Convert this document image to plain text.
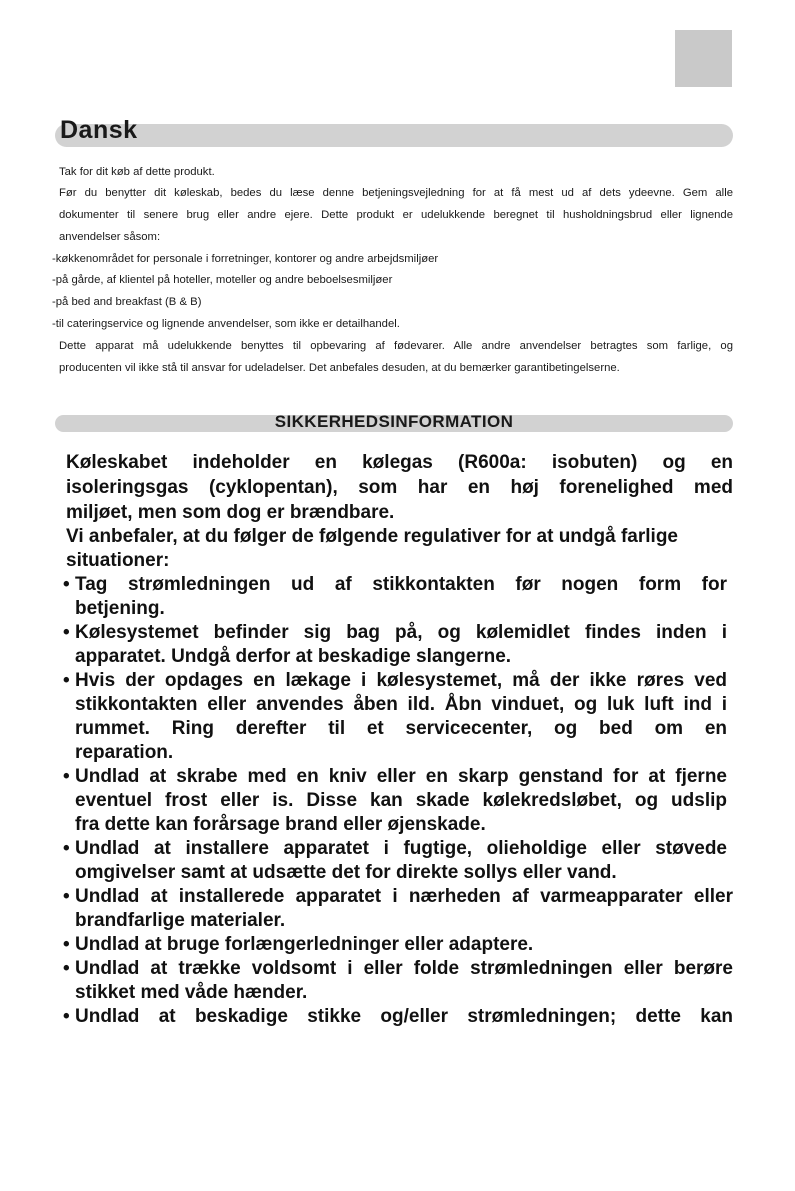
Dansk
Tak for dit køb af dette produkt.
Før du benytter dit køleskab, bedes du læse denne betjeningsvejledning for at få mest ud af dets ydeevne. Gem alle
dokumenter til senere brug eller andre ejere. Dette produkt er udelukkende beregnet til husholdningsbrud eller lignende
anvendelser såsom:
-køkkenområdet for personale i forretninger, kontorer og andre arbejdsmiljøer
-på gårde, af klientel på hoteller, moteller og andre beboelsesmiljøer
-på bed and breakfast (B & B)
-til cateringservice og lignende anvendelser, som ikke er detailhandel.
Dette apparat må udelukkende benyttes til opbevaring af fødevarer. Alle andre anvendelser betragtes som farlige, og
producenten vil ikke stå til ansvar for udeladelser. Det anbefales desuden, at du bemærker garantibetingelserne.
SIKKERHEDSINFORMATION
Køleskabet indeholder en kølegas (R600a: isobuten) og en
isoleringsgas (cyklopentan), som har en høj forenelighed med
miljøet, men som dog er brændbare.
Vi anbefaler, at du følger de følgende regulativer for at undgå farlige
situationer:
• Tag strømledningen ud af stikkontakten før nogen form for
betjening.
• Kølesystemet befinder sig bag på, og kølemidlet findes inden i
apparatet. Undgå derfor at beskadige slangerne.
• Hvis der opdages en lækage i kølesystemet, må der ikke røres ved
stikkontakten eller anvendes åben ild. Åbn vinduet, og luk luft ind i
rummet. Ring derefter til et servicecenter, og bed om en
reparation.
• Undlad at skrabe med en kniv eller en skarp genstand for at fjerne
eventuel frost eller is. Disse kan skade kølekredsløbet, og udslip
fra dette kan forårsage brand eller øjenskade.
• Undlad at installere apparatet i fugtige, olieholdige eller støvede
omgivelser samt at udsætte det for direkte sollys eller vand.
• Undlad at installerede apparatet i nærheden af varmeapparater eller
brandfarlige materialer.
• Undlad at bruge forlængerledninger eller adaptere.
• Undlad at trække voldsomt i eller folde strømledningen eller berøre
stikket med våde hænder.
• Undlad at beskadige stikke og/eller strømledningen; dette kan
